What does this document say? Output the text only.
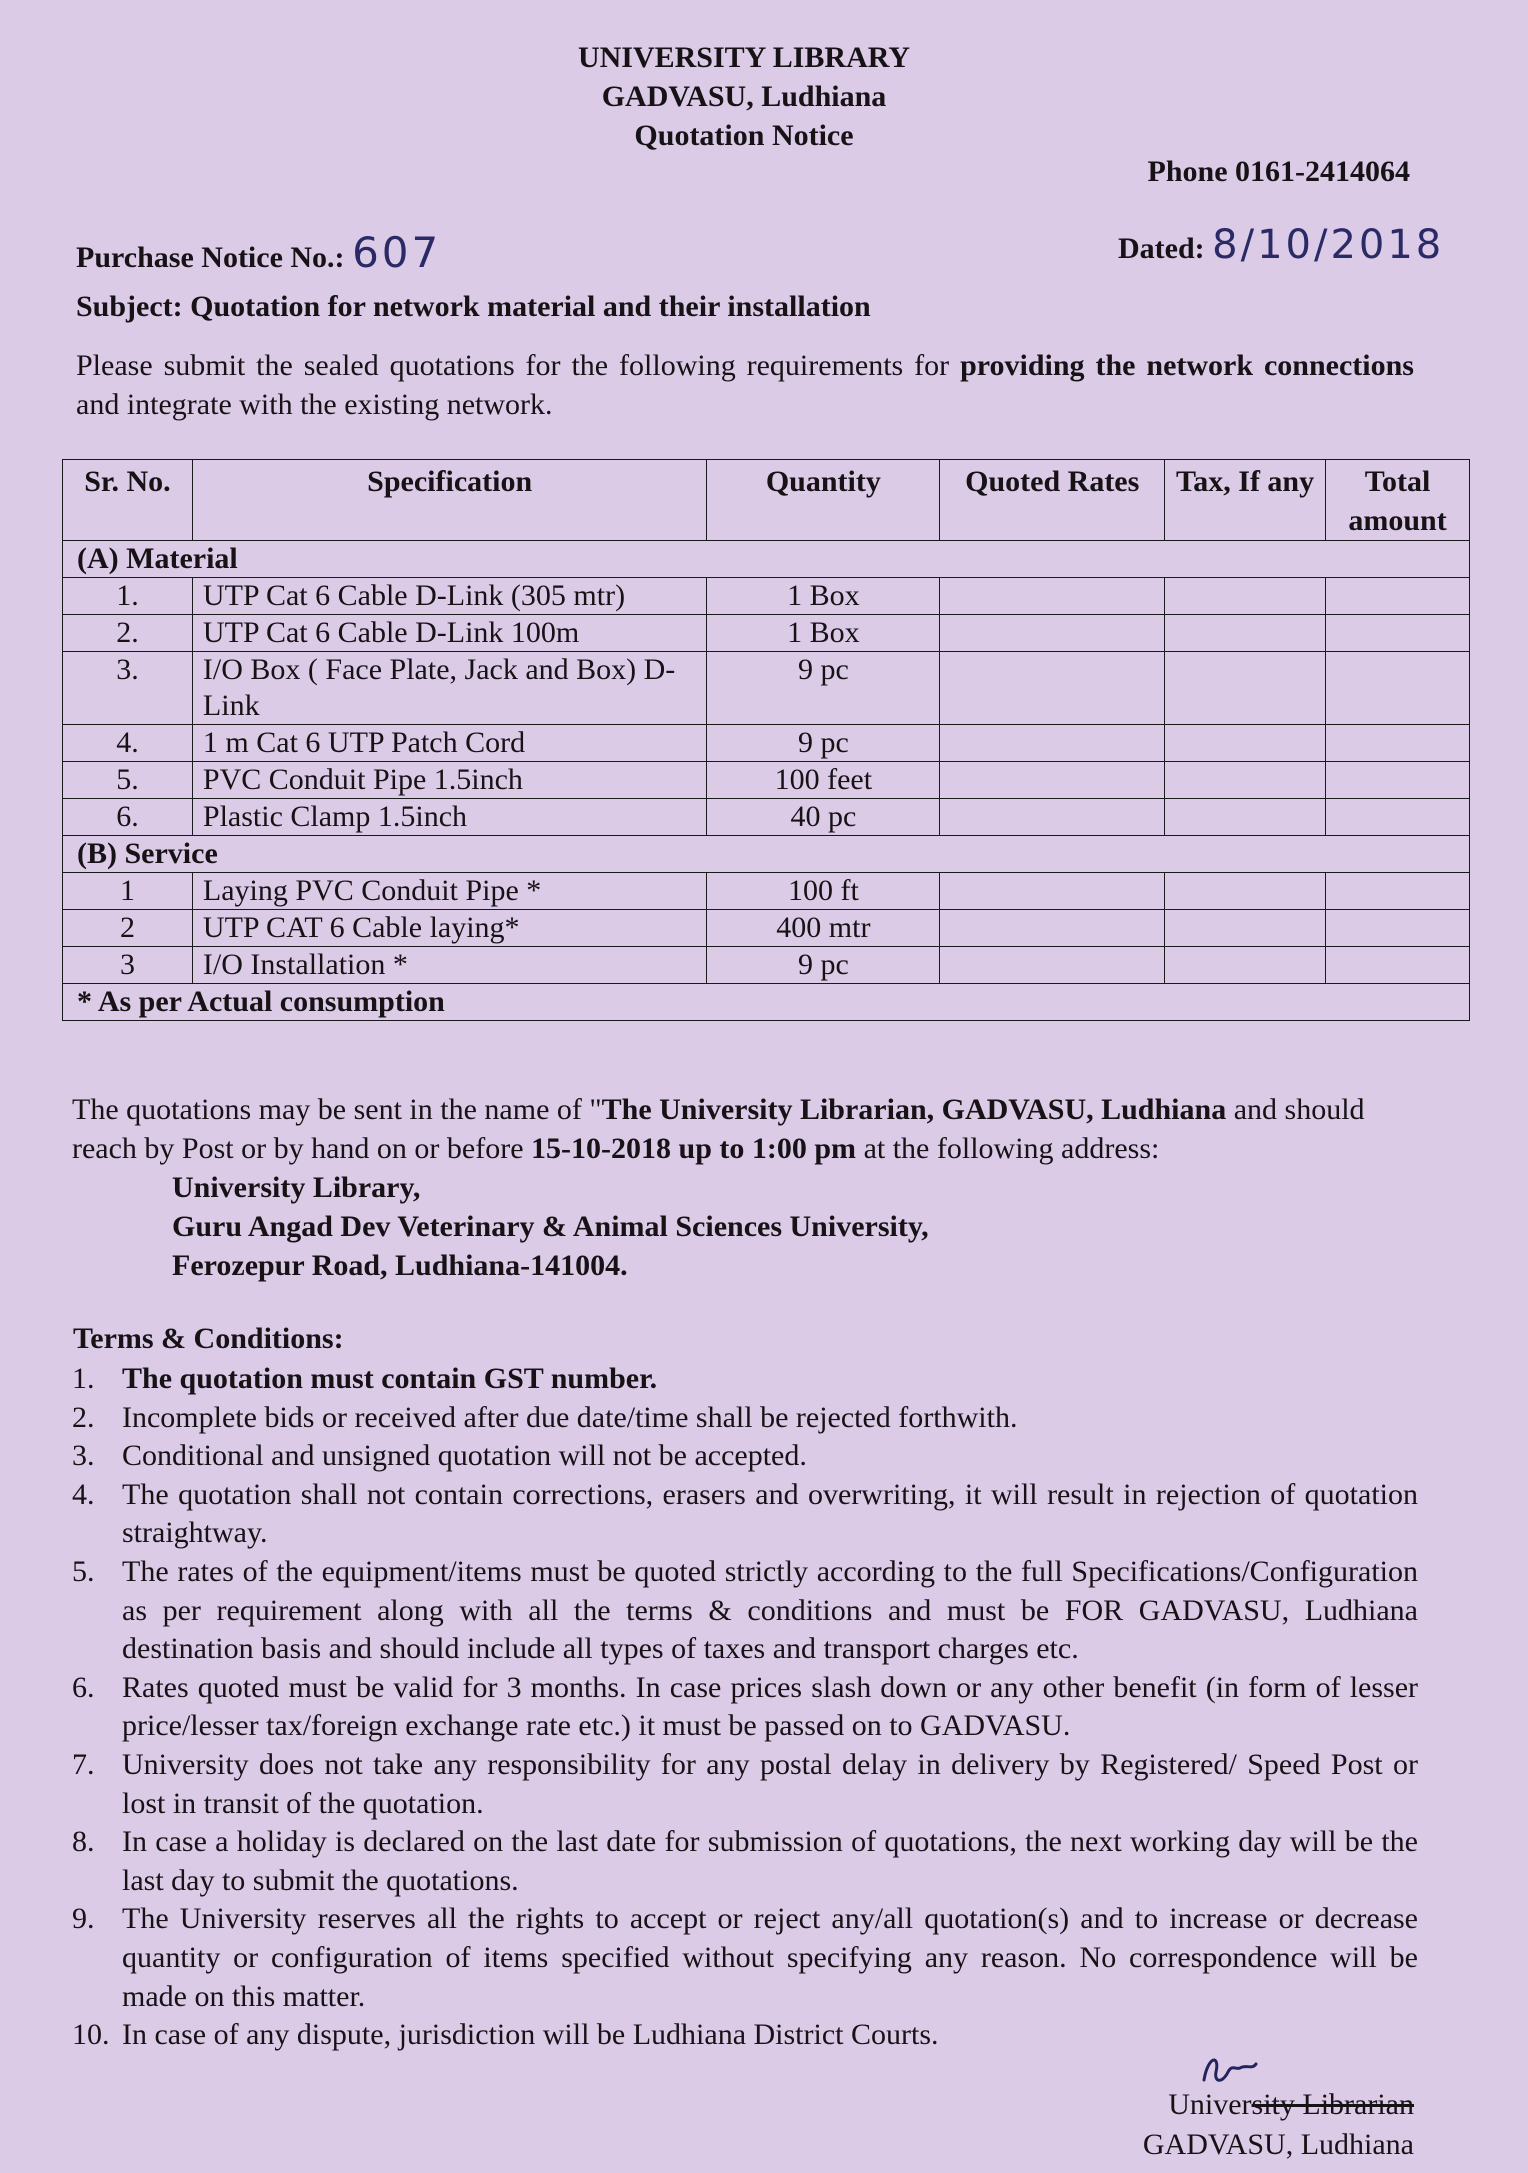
UNIVERSITY LIBRARY
GADVASU, Ludhiana
Quotation Notice
Phone 0161-2414064
Purchase Notice No.: 607	Dated: 8/10/2018
Subject: Quotation for network material and their installation
Please submit the sealed quotations for the following requirements for providing the network connections and integrate with the existing network.
Sr. No.	Specification	Quantity	Quoted Rates	Tax, If any	Total amount
(A) Material					
1.	UTP Cat 6 Cable D-Link (305 mtr)	1 Box			
2.	UTP Cat 6 Cable D-Link 100m	1 Box			
3.	I/O Box ( Face Plate, Jack and Box) D- Link	9 pc			
4.	1 m Cat 6 UTP Patch Cord	9 pc			
5.	PVC Conduit Pipe 1.5inch	100 feet			
6.	Plastic Clamp 1.5inch	40 pc			
(B) Service					
1	Laying PVC Conduit Pipe *	100 ft			
2	UTP CAT 6 Cable laying*	400 mtr			
3	I/O Installation *	9 pc			
* As per Actual consumption					
The quotations may be sent in the name of "The University Librarian, GADVASU, Ludhiana and should reach by Post or by hand on or before 15-10-2018 up to 1:00 pm at the following address:
University Library,
Guru Angad Dev Veterinary & Animal Sciences University,
Ferozepur Road, Ludhiana-141004.
Terms & Conditions:
1. The quotation must contain GST number.
2. Incomplete bids or received after due date/time shall be rejected forthwith.
3. Conditional and unsigned quotation will not be accepted.
4. The quotation shall not contain corrections, erasers and overwriting, it will result in rejection of quotation straightway.
5. The rates of the equipment/items must be quoted strictly according to the full Specifications/Configuration as per requirement along with all the terms & conditions and must be FOR GADVASU, Ludhiana destination basis and should include all types of taxes and transport charges etc.
6. Rates quoted must be valid for 3 months. In case prices slash down or any other benefit (in form of lesser price/lesser tax/foreign exchange rate etc.) it must be passed on to GADVASU.
7. University does not take any responsibility for any postal delay in delivery by Registered/ Speed Post or lost in transit of the quotation.
8. In case a holiday is declared on the last date for submission of quotations, the next working day will be the last day to submit the quotations.
9. The University reserves all the rights to accept or reject any/all quotation(s) and to increase or decrease quantity or configuration of items specified without specifying any reason. No correspondence will be made on this matter.
10. In case of any dispute, jurisdiction will be Ludhiana District Courts.
University Librarian
GADVASU, Ludhiana
